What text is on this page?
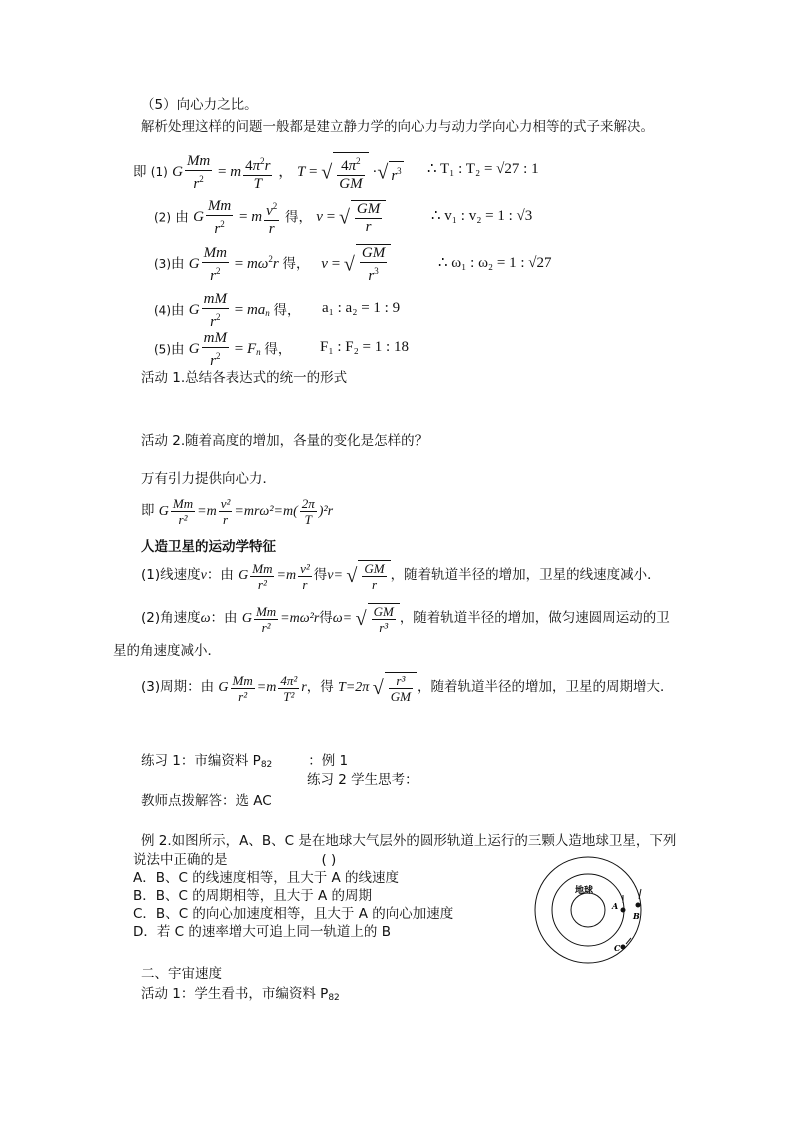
（5）向心力之比。
解析处理这样的问题一般都是建立静力学的向心力与动力学向心力相等的式子来解决。
即 (1) G $\frac{Mm}{r^2} = m \frac{4\pi^2r}{T}$ ， T = √ $\frac{4\pi^2}{GM}$ ·√ $r^3$ ∴ T₁ : T₂ = √27 : 1
(2) 由 G $\frac{Mm}{r^2} = m \frac{v^2}{r}$ 得， v = √ $\frac{GM}{r}$	∴ v₁ : v₂ = 1 : √3
(3)由 G $\frac{Mm}{r^2} = m\omega^2r$ 得， v = √ $\frac{GM}{r^3}$	∴ ω₁ : ω₂ = 1 : √27
(4)由 G $\frac{mM}{r^2}$ = man 得， a₁ : a₂ = 1 : 9
(5)由 G $\frac{mM}{r^2} = Fn$ 得， F₁ : F₂ = 1 : 18
活动 1.总结各表达式的统一的形式
活动 2.随着高度的增加，各量的变化是怎样的？
万有引力提供向心力．
即 G $\frac{Mm}{\text{r²}} =m \frac{\text{v²}}{r} =mr\omega^2=m( \frac{2\pi}{T} )^2r$
人造卫星的运动学特征
(1)线速度v：由 G $\frac{Mm}{\text{r²}} =m \frac{\text{v²}}{r}$ 得v= √ $\frac{GM}{r}$ ，随着轨道半径的增加，卫星的线速度减小．
(2)角速度ω：由 G $\frac{Mm}{\text{r²}} =m\omega^2r$得ω= √ $\frac{GM}{\text{r³}}$ ，随着轨道半径的增加，做匀速圆周运动的卫
星的角速度减小．
(3)周期：由 G $\frac{Mm}{\text{r²}} =m \frac{\text{4π²}}{\text{T²}}$ r，得 T=2π √ $\frac{\text{r³}}{GM}$ ，随着轨道半径的增加，卫星的周期增大．
练习 1：市编资料 P82	：例 1
练习 2 学生思考：
教师点拨解答：选 AC
例 2.如图所示，A、B、C 是在地球大气层外的圆形轨道上运行的三颗人造地球卫星，下列
说法中正确的是	( )
A．B、C 的线速度相等，且大于 A 的线速度
B．B、C 的周期相等，且大于 A 的周期
C．B、C 的向心加速度相等，且大于 A 的向心加速度
D．若 C 的速率增大可追上同一轨道上的 B
地球
A
B
C
二、宇宙速度
活动 1：学生看书，市编资料 P82
